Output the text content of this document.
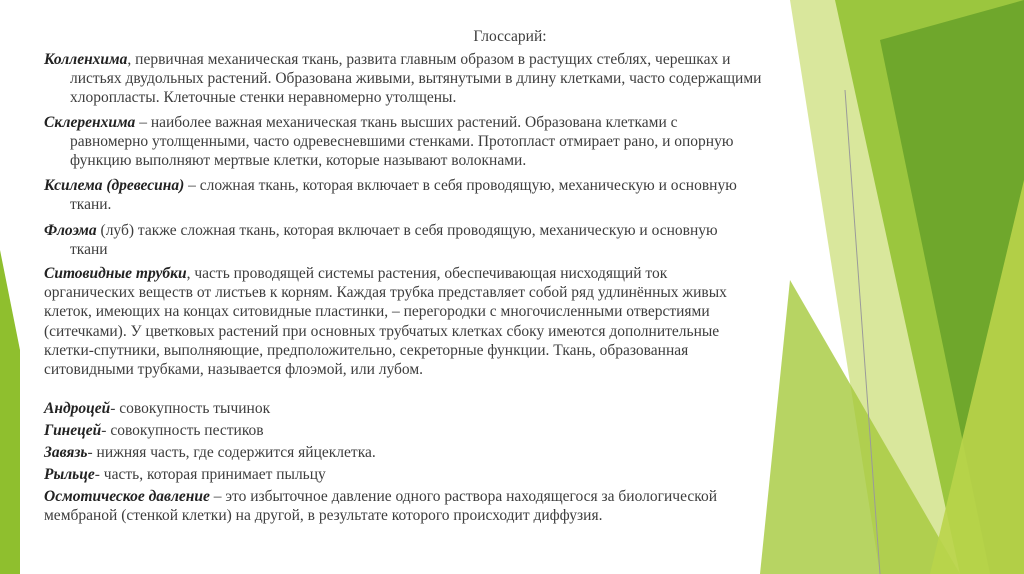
Глоссарий:
Колленхима, первичная механическая ткань, развита главным образом в растущих стеблях, черешках и
листьях двудольных растений. Образована живыми, вытянутыми в длину клетками, часто содержащими
хлоропласты. Клеточные стенки неравномерно утолщены.
Склеренхима – наиболее важная механическая ткань высших растений. Образована клетками с
равномерно утолщенными, часто одревесневшими стенками. Протопласт отмирает рано, и опорную
функцию выполняют мертвые клетки, которые называют волокнами.
Ксилема (древесина) – сложная ткань, которая включает в себя проводящую, механическую и основную
ткани.
Флоэма (луб) также сложная ткань, которая включает в себя проводящую, механическую и основную
ткани
Ситовидные трубки, часть проводящей системы растения, обеспечивающая нисходящий ток
органических веществ от листьев к корням. Каждая трубка представляет собой ряд удлинённых живых
клеток, имеющих на концах ситовидные пластинки, – перегородки с многочисленными отверстиями
(ситечками). У цветковых растений при основных трубчатых клетках сбоку имеются дополнительные
клетки-спутники, выполняющие, предположительно, секреторные функции. Ткань, образованная
ситовидными трубками, называется флоэмой, или лубом.
Андроцей- совокупность тычинок
Гинецей- совокупность пестиков
Завязь- нижняя часть, где содержится яйцеклетка.
Рыльце- часть, которая принимает пыльцу
Осмотическое давление – это избыточное давление одного раствора находящегося за биологической
мембраной (стенкой клетки) на другой, в результате которого происходит диффузия.
